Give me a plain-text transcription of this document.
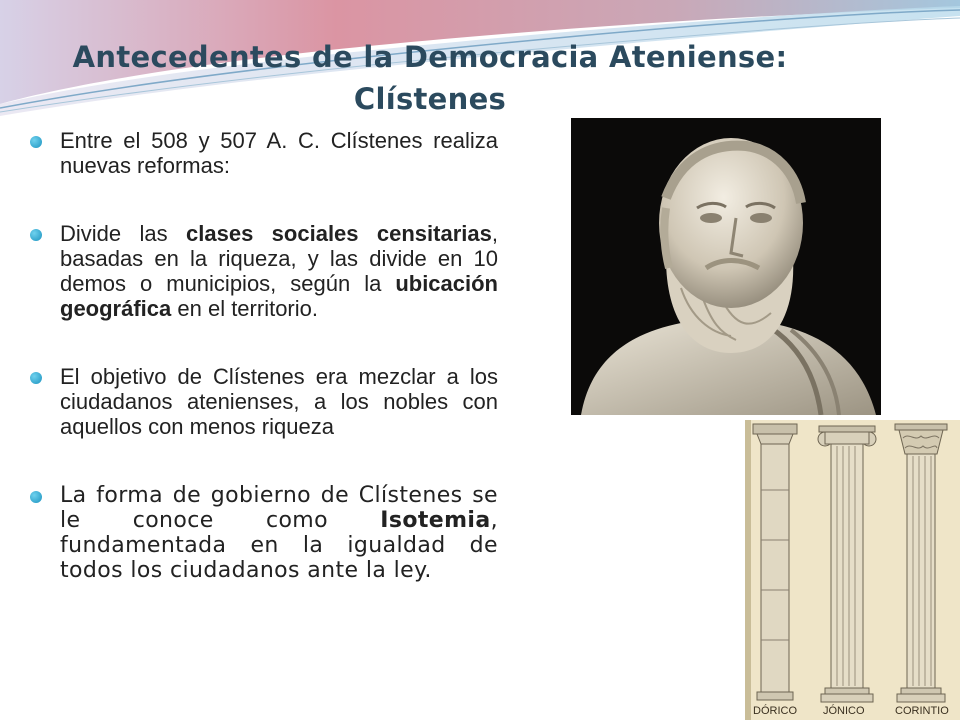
Antecedentes de la Democracia Ateniense:
Clístenes
Entre el 508 y 507 A. C. Clístenes realiza nuevas reformas:
Divide las clases sociales censitarias, basadas en la riqueza, y las divide en 10 demos o municipios, según la ubicación geográfica en el territorio.
El objetivo de Clístenes era mezclar a los ciudadanos atenienses, a los nobles con aquellos con menos riqueza
La forma de gobierno de Clístenes se le conoce como Isotemia, fundamentada en la igualdad de todos los ciudadanos ante la ley.
DÓRICO JÓNICO	CORINTIO
